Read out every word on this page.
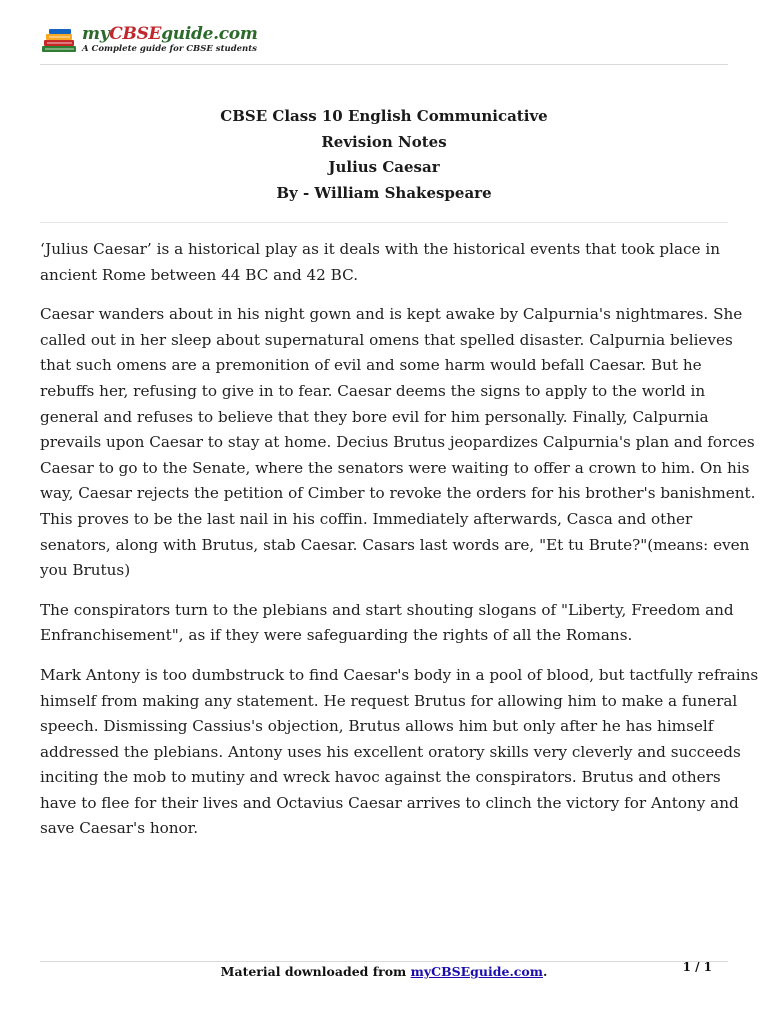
myCBSEguide.com
A Complete guide for CBSE students
CBSE Class 10 English Communicative
Revision Notes
Julius Caesar
By - William Shakespeare

‘Julius Caesar’ is a historical play as it deals with the historical events that took place in
ancient Rome between 44 BC and 42 BC.

Caesar wanders about in his night gown and is kept awake by Calpurnia's nightmares. She
called out in her sleep about supernatural omens that spelled disaster. Calpurnia believes
that such omens are a premonition of evil and some harm would befall Caesar. But he
rebuffs her, refusing to give in to fear. Caesar deems the signs to apply to the world in
general and refuses to believe that they bore evil for him personally. Finally, Calpurnia
prevails upon Caesar to stay at home. Decius Brutus jeopardizes Calpurnia's plan and forces
Caesar to go to the Senate, where the senators were waiting to offer a crown to him. On his
way, Caesar rejects the petition of Cimber to revoke the orders for his brother's banishment.
This proves to be the last nail in his coffin. Immediately afterwards, Casca and other
senators, along with Brutus, stab Caesar. Casars last words are, "Et tu Brute?"(means: even
you Brutus)

The conspirators turn to the plebians and start shouting slogans of "Liberty, Freedom and
Enfranchisement", as if they were safeguarding the rights of all the Romans.

Mark Antony is too dumbstruck to find Caesar's body in a pool of blood, but tactfully refrains
himself from making any statement. He request Brutus for allowing him to make a funeral
speech. Dismissing Cassius's objection, Brutus allows him but only after he has himself
addressed the plebians. Antony uses his excellent oratory skills very cleverly and succeeds
inciting the mob to mutiny and wreck havoc against the conspirators. Brutus and others
have to flee for their lives and Octavius Caesar arrives to clinch the victory for Antony and
save Caesar's honor.

Material downloaded from myCBSEguide.com.	1 / 1
